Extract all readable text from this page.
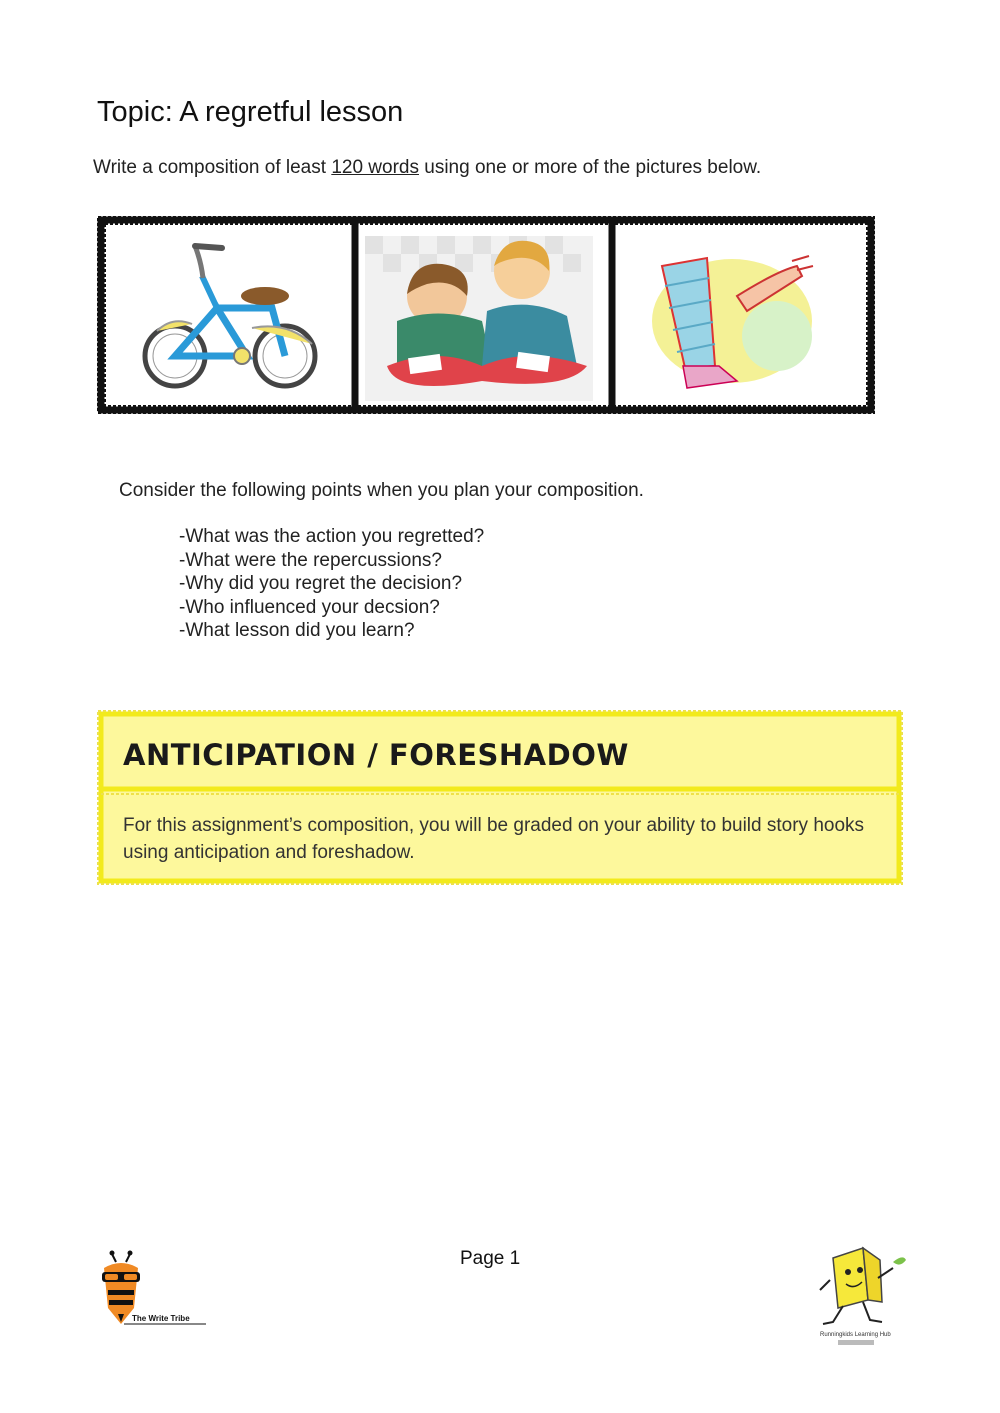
Topic: A regretful lesson
Write a composition of least 120 words using one or more of the pictures below.
Consider the following points when you plan your composition.
-What was the action you regretted?
-What were the repercussions?
-Why did you regret the decision?
-Who influenced your decsion?
-What lesson did you learn?
ANTICIPATION / FORESHADOW
For this assignment’s composition, you will be graded on your ability to build story hooks using anticipation and foreshadow.
The Write Tribe
Page 1
Runningkids Learning Hub
